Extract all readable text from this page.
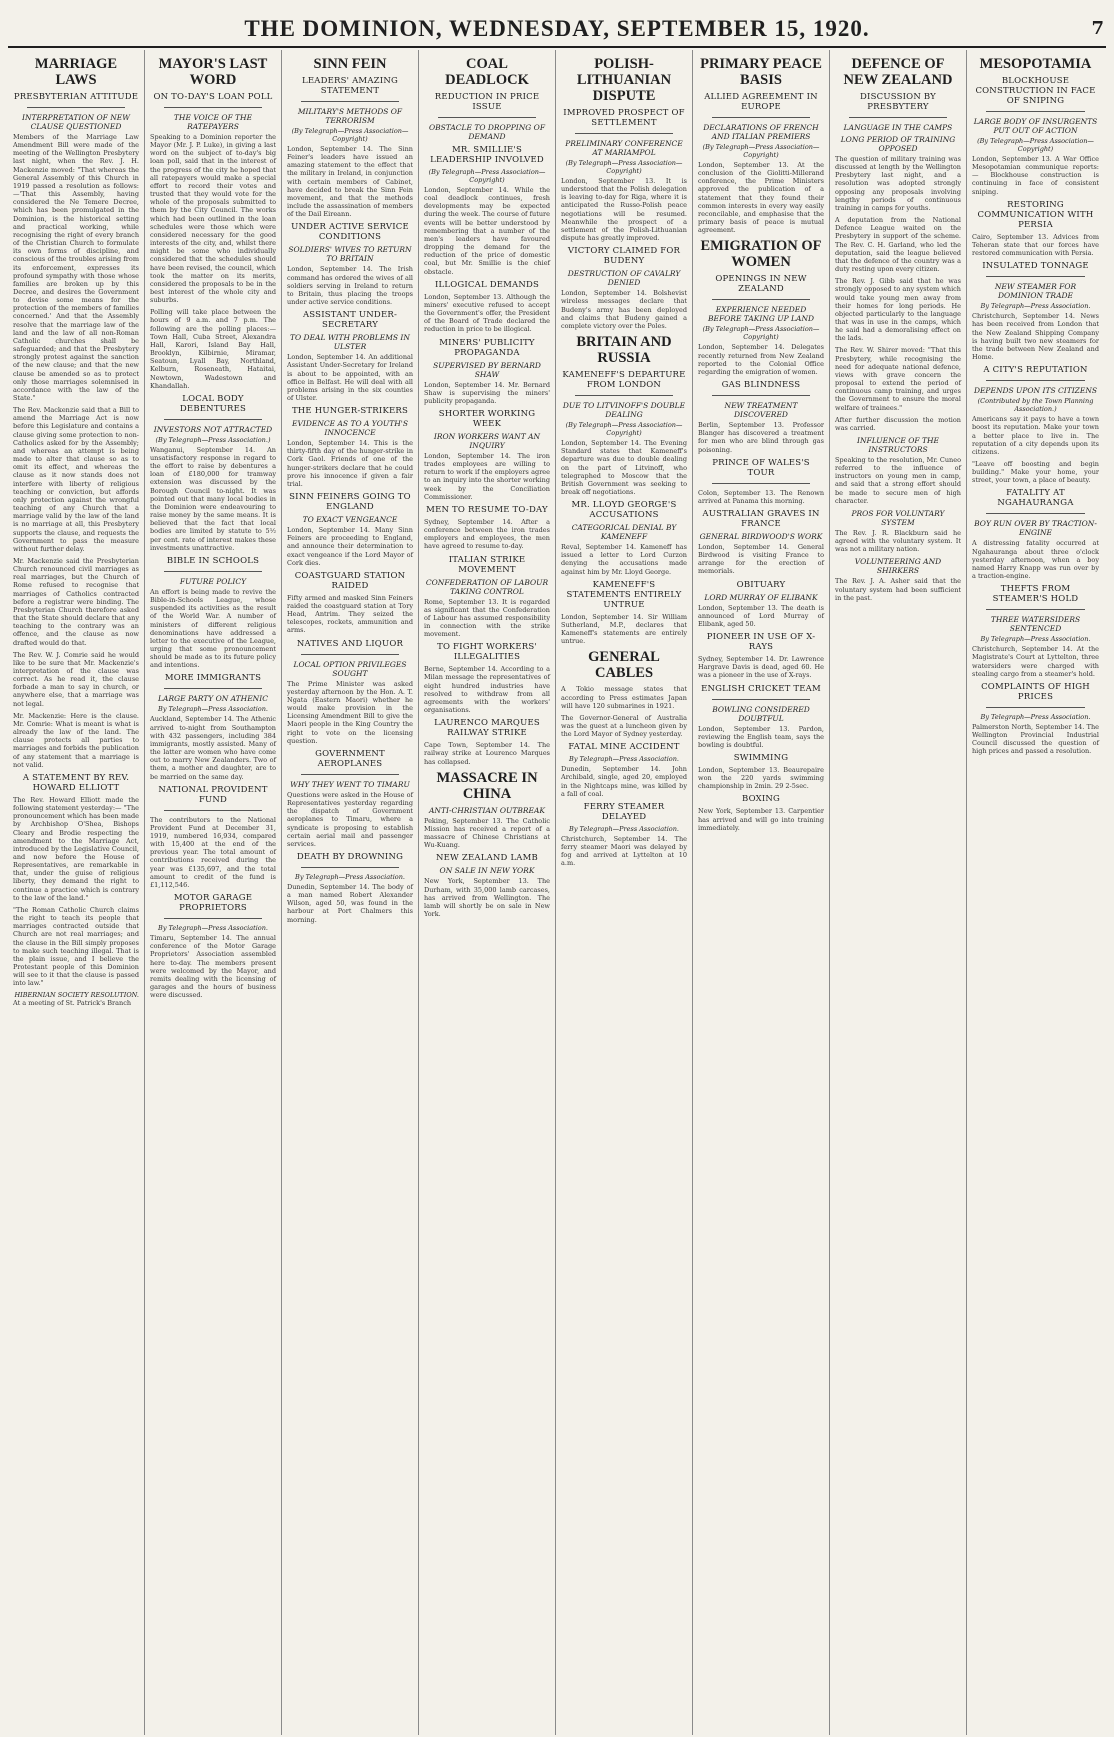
THE DOMINION, WEDNESDAY, SEPTEMBER 15, 1920.	7
MARRIAGE LAWS
PRESBYTERIAN ATTITUDE
INTERPRETATION OF NEW CLAUSE QUESTIONED
Members of the Marriage Law Amendment Bill were made of the meeting of the Wellington Presbytery last night, when the Rev. J. H. Mackenzie moved: "That whereas the General Assembly of this Church in 1919 passed a resolution as follows:—'That this Assembly, having considered the Ne Temere Decree, which has been promulgated in the Dominion, is the historical setting and practical working, while recognising the right of every branch of the Christian Church to formulate its own forms of discipline, and conscious of the troubles arising from its enforcement, expresses its profound sympathy with those whose families are broken up by this Decree, and desires the Government to devise some means for the protection of the members of families concerned.' And that the Assembly resolve that the marriage law of the land and the law of all non-Roman Catholic churches shall be safeguarded; and that the Presbytery strongly protest against the sanction of the new clause; and that the new clause be amended so as to protect only those marriages solemnised in accordance with the law of the State."
The Rev. Mackenzie said that a Bill to amend the Marriage Act is now before this Legislature and contains a clause giving some protection to non-Catholics asked for by the Assembly; and whereas an attempt is being made to alter that clause so as to omit its effect, and whereas the clause as it now stands does not interfere with liberty of religious teaching or conviction, but affords only protection against the wrongful teaching of any Church that a marriage valid by the law of the land is no marriage at all, this Presbytery supports the clause, and requests the Government to pass the measure without further delay.
Mr. Mackenzie said the Presbyterian Church renounced civil marriages as real marriages, but the Church of Rome refused to recognise that marriages of Catholics contracted before a registrar were binding. The Presbyterian Church therefore asked that the State should declare that any teaching to the contrary was an offence, and the clause as now drafted would do that.
The Rev. W. J. Comrie said he would like to be sure that Mr. Mackenzie's interpretation of the clause was correct. As he read it, the clause forbade a man to say in church, or anywhere else, that a marriage was not legal.
Mr. Mackenzie: Here is the clause. Mr. Comrie: What is meant is what is already the law of the land. The clause protects all parties to marriages and forbids the publication of any statement that a marriage is not valid.
A STATEMENT BY REV. HOWARD ELLIOTT
The Rev. Howard Elliott made the following statement yesterday:— "The pronouncement which has been made by Archbishop O'Shea, Bishops Cleary and Brodie respecting the amendment to the Marriage Act, introduced by the Legislative Council, and now before the House of Representatives, are remarkable in that, under the guise of religious liberty, they demand the right to continue a practice which is contrary to the law of the land."
"The Roman Catholic Church claims the right to teach its people that marriages contracted outside that Church are not real marriages; and the clause in the Bill simply proposes to make such teaching illegal. That is the plain issue, and I believe the Protestant people of this Dominion will see to it that the clause is passed into law."
HIBERNIAN SOCIETY RESOLUTION.
At a meeting of St. Patrick's Branch
MAYOR'S LAST WORD
ON TO-DAY'S LOAN POLL
THE VOICE OF THE RATEPAYERS
Speaking to a Dominion reporter the Mayor (Mr. J. P. Luke), in giving a last word on the subject of to-day's big loan poll, said that in the interest of the progress of the city he hoped that all ratepayers would make a special effort to record their votes and trusted that they would vote for the whole of the proposals submitted to them by the City Council. The works which had been outlined in the loan schedules were those which were considered necessary for the good interests of the city, and, whilst there might be some who individually considered that the schedules should have been revised, the council, which took the matter on its merits, considered the proposals to be in the best interest of the whole city and suburbs.
Polling will take place between the hours of 9 a.m. and 7 p.m. The following are the polling places:— Town Hall, Cuba Street, Alexandra Hall, Karori, Island Bay Hall, Brooklyn, Kilbirnie, Miramar, Seatoun, Lyall Bay, Northland, Kelburn, Roseneath, Hataitai, Newtown, Wadestown and Khandallah.
LOCAL BODY DEBENTURES
INVESTORS NOT ATTRACTED
(By Telegraph—Press Association.)
Wanganui, September 14. An unsatisfactory response in regard to the effort to raise by debentures a loan of £180,000 for tramway extension was discussed by the Borough Council to-night. It was pointed out that many local bodies in the Dominion were endeavouring to raise money by the same means. It is believed that the fact that local bodies are limited by statute to 5½ per cent. rate of interest makes these investments unattractive.
BIBLE IN SCHOOLS
FUTURE POLICY
An effort is being made to revive the Bible-in-Schools League, whose suspended its activities as the result of the World War. A number of ministers of different religious denominations have addressed a letter to the executive of the League, urging that some pronouncement should be made as to its future policy and intentions.
MORE IMMIGRANTS
LARGE PARTY ON ATHENIC
By Telegraph—Press Association.
Auckland, September 14. The Athenic arrived to-night from Southampton with 432 passengers, including 384 immigrants, mostly assisted. Many of the latter are women who have come out to marry New Zealanders. Two of them, a mother and daughter, are to be married on the same day.
NATIONAL PROVIDENT FUND
The contributors to the National Provident Fund at December 31, 1919, numbered 16,934, compared with 15,400 at the end of the previous year. The total amount of contributions received during the year was £135,697, and the total amount to credit of the fund is £1,112,546.
MOTOR GARAGE PROPRIETORS
By Telegraph—Press Association.
Timaru, September 14. The annual conference of the Motor Garage Proprietors' Association assembled here to-day. The members present were welcomed by the Mayor, and remits dealing with the licensing of garages and the hours of business were discussed.
SINN FEIN
LEADERS' AMAZING STATEMENT
MILITARY'S METHODS OF TERRORISM
(By Telegraph—Press Association—Copyright)
London, September 14. The Sinn Feiner's leaders have issued an amazing statement to the effect that the military in Ireland, in conjunction with certain members of Cabinet, have decided to break the Sinn Fein movement, and that the methods include the assassination of members of the Dail Eireann.
UNDER ACTIVE SERVICE CONDITIONS
SOLDIERS' WIVES TO RETURN TO BRITAIN
London, September 14. The Irish command has ordered the wives of all soldiers serving in Ireland to return to Britain, thus placing the troops under active service conditions.
ASSISTANT UNDER-SECRETARY
TO DEAL WITH PROBLEMS IN ULSTER
London, September 14. An additional Assistant Under-Secretary for Ireland is about to be appointed, with an office in Belfast. He will deal with all problems arising in the six counties of Ulster.
THE HUNGER-STRIKERS
EVIDENCE AS TO A YOUTH'S INNOCENCE
London, September 14. This is the thirty-fifth day of the hunger-strike in Cork Gaol. Friends of one of the hunger-strikers declare that he could prove his innocence if given a fair trial.
SINN FEINERS GOING TO ENGLAND
TO EXACT VENGEANCE
London, September 14. Many Sinn Feiners are proceeding to England, and announce their determination to exact vengeance if the Lord Mayor of Cork dies.
COASTGUARD STATION RAIDED
Fifty armed and masked Sinn Feiners raided the coastguard station at Tory Head, Antrim. They seized the telescopes, rockets, ammunition and arms.
NATIVES AND LIQUOR
LOCAL OPTION PRIVILEGES SOUGHT
The Prime Minister was asked yesterday afternoon by the Hon. A. T. Ngata (Eastern Maori) whether he would make provision in the Licensing Amendment Bill to give the Maori people in the King Country the right to vote on the licensing question.
GOVERNMENT AEROPLANES
WHY THEY WENT TO TIMARU
Questions were asked in the House of Representatives yesterday regarding the dispatch of Government aeroplanes to Timaru, where a syndicate is proposing to establish certain aerial mail and passenger services.
DEATH BY DROWNING
By Telegraph—Press Association.
Dunedin, September 14. The body of a man named Robert Alexander Wilson, aged 50, was found in the harbour at Port Chalmers this morning.
COAL DEADLOCK
REDUCTION IN PRICE ISSUE
OBSTACLE TO DROPPING OF DEMAND
MR. SMILLIE'S LEADERSHIP INVOLVED
(By Telegraph—Press Association—Copyright)
London, September 14. While the coal deadlock continues, fresh developments may be expected during the week. The course of future events will be better understood by remembering that a number of the men's leaders have favoured dropping the demand for the reduction of the price of domestic coal, but Mr. Smillie is the chief obstacle.
ILLOGICAL DEMANDS
London, September 13. Although the miners' executive refused to accept the Government's offer, the President of the Board of Trade declared the reduction in price to be illogical.
MINERS' PUBLICITY PROPAGANDA
SUPERVISED BY BERNARD SHAW
London, September 14. Mr. Bernard Shaw is supervising the miners' publicity propaganda.
SHORTER WORKING WEEK
IRON WORKERS WANT AN INQUIRY
London, September 14. The iron trades employees are willing to return to work if the employers agree to an inquiry into the shorter working week by the Conciliation Commissioner.
MEN TO RESUME TO-DAY
Sydney, September 14. After a conference between the iron trades employers and employees, the men have agreed to resume to-day.
ITALIAN STRIKE MOVEMENT
CONFEDERATION OF LABOUR TAKING CONTROL
Rome, September 13. It is regarded as significant that the Confederation of Labour has assumed responsibility in connection with the strike movement.
TO FIGHT WORKERS' ILLEGALITIES
Berne, September 14. According to a Milan message the representatives of eight hundred industries have resolved to withdraw from all agreements with the workers' organisations.
LAURENCO MARQUES RAILWAY STRIKE
Cape Town, September 14. The railway strike at Lourenco Marques has collapsed.
MASSACRE IN CHINA
ANTI-CHRISTIAN OUTBREAK
Peking, September 13. The Catholic Mission has received a report of a massacre of Chinese Christians at Wu-Kuang.
NEW ZEALAND LAMB
ON SALE IN NEW YORK
New York, September 13. The Durham, with 35,000 lamb carcases, has arrived from Wellington. The lamb will shortly be on sale in New York.
POLISH-LITHUANIAN DISPUTE
IMPROVED PROSPECT OF SETTLEMENT
PRELIMINARY CONFERENCE AT MARIAMPOL
(By Telegraph—Press Association—Copyright)
London, September 13. It is understood that the Polish delegation is leaving to-day for Riga, where it is anticipated the Russo-Polish peace negotiations will be resumed. Meanwhile the prospect of a settlement of the Polish-Lithuanian dispute has greatly improved.
VICTORY CLAIMED FOR BUDENY
DESTRUCTION OF CAVALRY DENIED
London, September 14. Bolshevist wireless messages declare that Budeny's army has been deployed and claims that Budeny gained a complete victory over the Poles.
BRITAIN AND RUSSIA
KAMENEFF'S DEPARTURE FROM LONDON
DUE TO LITVINOFF'S DOUBLE DEALING
(By Telegraph—Press Association—Copyright)
London, September 14. The Evening Standard states that Kameneff's departure was due to double dealing on the part of Litvinoff, who telegraphed to Moscow that the British Government was seeking to break off negotiations.
MR. LLOYD GEORGE'S ACCUSATIONS
CATEGORICAL DENIAL BY KAMENEFF
Reval, September 14. Kameneff has issued a letter to Lord Curzon denying the accusations made against him by Mr. Lloyd George.
KAMENEFF'S STATEMENTS ENTIRELY UNTRUE
London, September 14. Sir William Sutherland, M.P., declares that Kameneff's statements are entirely untrue.
GENERAL CABLES
A Tokio message states that according to Press estimates Japan will have 120 submarines in 1921.
The Governor-General of Australia was the guest at a luncheon given by the Lord Mayor of Sydney yesterday.
FATAL MINE ACCIDENT
By Telegraph—Press Association.
Dunedin, September 14. John Archibald, single, aged 20, employed in the Nightcaps mine, was killed by a fall of coal.
FERRY STEAMER DELAYED
By Telegraph—Press Association.
Christchurch, September 14. The ferry steamer Maori was delayed by fog and arrived at Lyttelton at 10 a.m.
PRIMARY PEACE BASIS
ALLIED AGREEMENT IN EUROPE
DECLARATIONS OF FRENCH AND ITALIAN PREMIERS
(By Telegraph—Press Association—Copyright)
London, September 13. At the conclusion of the Giolitti-Millerand conference, the Prime Ministers approved the publication of a statement that they found their common interests in every way easily reconcilable, and emphasise that the primary basis of peace is mutual agreement.
EMIGRATION OF WOMEN
OPENINGS IN NEW ZEALAND
EXPERIENCE NEEDED BEFORE TAKING UP LAND
(By Telegraph—Press Association—Copyright)
London, September 14. Delegates recently returned from New Zealand reported to the Colonial Office regarding the emigration of women.
GAS BLINDNESS
NEW TREATMENT DISCOVERED
Berlin, September 13. Professor Blanger has discovered a treatment for men who are blind through gas poisoning.
PRINCE OF WALES'S TOUR
Colon, September 13. The Renown arrived at Panama this morning.
AUSTRALIAN GRAVES IN FRANCE
GENERAL BIRDWOOD'S WORK
London, September 14. General Birdwood is visiting France to arrange for the erection of memorials.
OBITUARY
LORD MURRAY OF ELIBANK
London, September 13. The death is announced of Lord Murray of Elibank, aged 50.
PIONEER IN USE OF X-RAYS
Sydney, September 14. Dr. Lawrence Hargrave Davis is dead, aged 60. He was a pioneer in the use of X-rays.
ENGLISH CRICKET TEAM
BOWLING CONSIDERED DOUBTFUL
London, September 13. Pardon, reviewing the English team, says the bowling is doubtful.
SWIMMING
London, September 13. Beaurepaire won the 220 yards swimming championship in 2min. 29 2-5sec.
BOXING
New York, September 13. Carpentier has arrived and will go into training immediately.
DEFENCE OF NEW ZEALAND
DISCUSSION BY PRESBYTERY
LANGUAGE IN THE CAMPS
LONG PERIOD OF TRAINING OPPOSED
The question of military training was discussed at length by the Wellington Presbytery last night, and a resolution was adopted strongly opposing any proposals involving lengthy periods of continuous training in camps for youths.
A deputation from the National Defence League waited on the Presbytery in support of the scheme. The Rev. C. H. Garland, who led the deputation, said the league believed that the defence of the country was a duty resting upon every citizen.
The Rev. J. Gibb said that he was strongly opposed to any system which would take young men away from their homes for long periods. He objected particularly to the language that was in use in the camps, which he said had a demoralising effect on the lads.
The Rev. W. Shirer moved: "That this Presbytery, while recognising the need for adequate national defence, views with grave concern the proposal to extend the period of continuous camp training, and urges the Government to ensure the moral welfare of trainees."
After further discussion the motion was carried.
INFLUENCE OF THE INSTRUCTORS
Speaking to the resolution, Mr. Cuneo referred to the influence of instructors on young men in camp, and said that a strong effort should be made to secure men of high character.
PROS FOR VOLUNTARY SYSTEM
The Rev. J. R. Blackburn said he agreed with the voluntary system. It was not a military nation.
VOLUNTEERING AND SHIRKERS
The Rev. J. A. Asher said that the voluntary system had been sufficient in the past.
MESOPOTAMIA
BLOCKHOUSE CONSTRUCTION IN FACE OF SNIPING
LARGE BODY OF INSURGENTS PUT OUT OF ACTION
(By Telegraph—Press Association—Copyright)
London, September 13. A War Office Mesopotamian communique reports:— Blockhouse construction is continuing in face of consistent sniping.
RESTORING COMMUNICATION WITH PERSIA
Cairo, September 13. Advices from Teheran state that our forces have restored communication with Persia.
INSULATED TONNAGE
NEW STEAMER FOR DOMINION TRADE
By Telegraph—Press Association.
Christchurch, September 14. News has been received from London that the New Zealand Shipping Company is having built two new steamers for the trade between New Zealand and Home.
A CITY'S REPUTATION
DEPENDS UPON ITS CITIZENS
(Contributed by the Town Planning Association.)
Americans say it pays to have a town boost its reputation. Make your town a better place to live in. The reputation of a city depends upon its citizens.
"Leave off boosting and begin building." Make your home, your street, your town, a place of beauty.
FATALITY AT NGAHAURANGA
BOY RUN OVER BY TRACTION-ENGINE
A distressing fatality occurred at Ngahauranga about three o'clock yesterday afternoon, when a boy named Harry Knapp was run over by a traction-engine.
THEFTS FROM STEAMER'S HOLD
THREE WATERSIDERS SENTENCED
By Telegraph—Press Association.
Christchurch, September 14. At the Magistrate's Court at Lyttelton, three watersiders were charged with stealing cargo from a steamer's hold.
COMPLAINTS OF HIGH PRICES
By Telegraph—Press Association.
Palmerston North, September 14. The Wellington Provincial Industrial Council discussed the question of high prices and passed a resolution.
